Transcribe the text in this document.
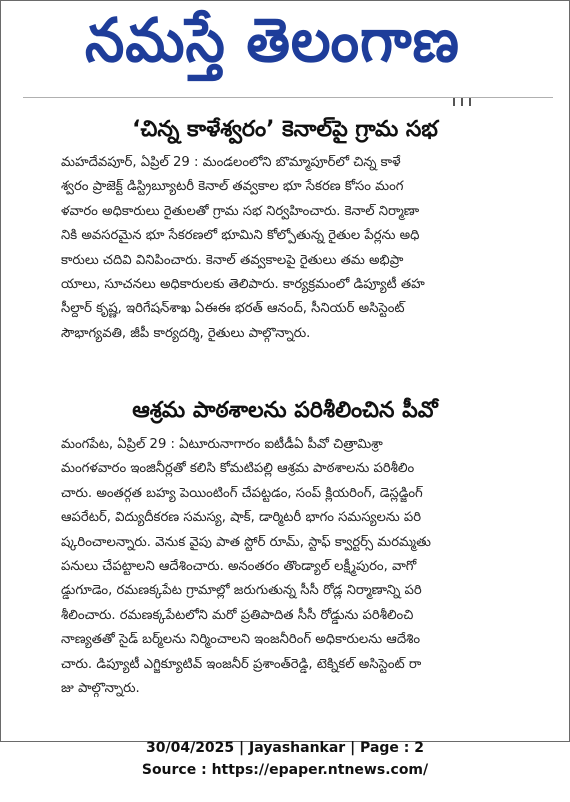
నమస్తే తెలంగాణ
‘చిన్న కాళేశ్వరం’ కెనాల్‌పై గ్రామ సభ
మహదేవపూర్, ఏప్రిల్ 29 : మండలంలోని బొమ్మాపూర్‌లో చిన్న కాళే
శ్వరం ప్రాజెక్ట్ డిస్ట్రిబ్యూటరీ కెనాల్ తవ్వకాల భూ సేకరణ కోసం మంగ
ళవారం అధికారులు రైతులతో గ్రామ సభ నిర్వహించారు. కెనాల్ నిర్మాణా
నికి అవసరమైన భూ సేకరణలో భూమిని కోల్పోతున్న రైతుల పేర్లను అధి
కారులు చదివి వినిపించారు. కెనాల్ తవ్వకాలపై రైతులు తమ అభిప్రా
యాలు, సూచనలు అధికారులకు తెలిపారు. కార్యక్రమంలో డిప్యూటీ తహ
సీల్దార్ కృష్ణ, ఇరిగేషన్‌శాఖ ఏఈఈ భరత్ ఆనంద్, సీనియర్ అసిస్టెంట్
సౌభాగ్యవతి, జీపీ కార్యదర్శి, రైతులు పాల్గొన్నారు.
ఆశ్రమ పాఠశాలను పరిశీలించిన పీవో
మంగపేట, ఏప్రిల్ 29 : ఏటూరునాగారం ఐటీడీఏ పీవో చిత్రామిశ్రా
మంగళవారం ఇంజినీర్లతో కలిసి కోమటిపల్లి ఆశ్రమ పాఠశాలను పరిశీలిం
చారు. అంతర్గత బహ్య పెయింటింగ్ చేపట్టడం, సంప్ క్లియరింగ్, డెస్లడ్జింగ్
ఆపరేటర్, విద్యుదీకరణ సమస్య, షాక్, డార్మిటరీ భాగం సమస్యలను పరి
ష్కరించాలన్నారు. వెనుక వైపు పాత స్టోర్ రూమ్, స్టాఫ్ క్వార్టర్స్ మరమ్మతు
పనులు చేపట్టాలని ఆదేశించారు. అనంతరం తొండ్యాల్ లక్ష్మీపురం, వాగో
డ్డుగూడెం, రమణక్కపేట గ్రామాల్లో జరుగుతున్న సీసీ రోడ్ల నిర్మాణాన్ని పరి
శీలించారు. రమణక్కపేటలోని మరో ప్రతిపాదిత సీసీ రోడ్డును పరిశీలించి
నాణ్యతతో సైడ్ బర్మ్‌లను నిర్మించాలని ఇంజనీరింగ్ అధికారులను ఆదేశిం
చారు. డిప్యూటీ ఎగ్జిక్యూటివ్ ఇంజనీర్ ప్రశాంత్‌రెడ్డి, టెక్నికల్ అసిస్టెంట్ రా
జు పాల్గొన్నారు.
30/04/2025 | Jayashankar | Page : 2
Source : https://epaper.ntnews.com/
